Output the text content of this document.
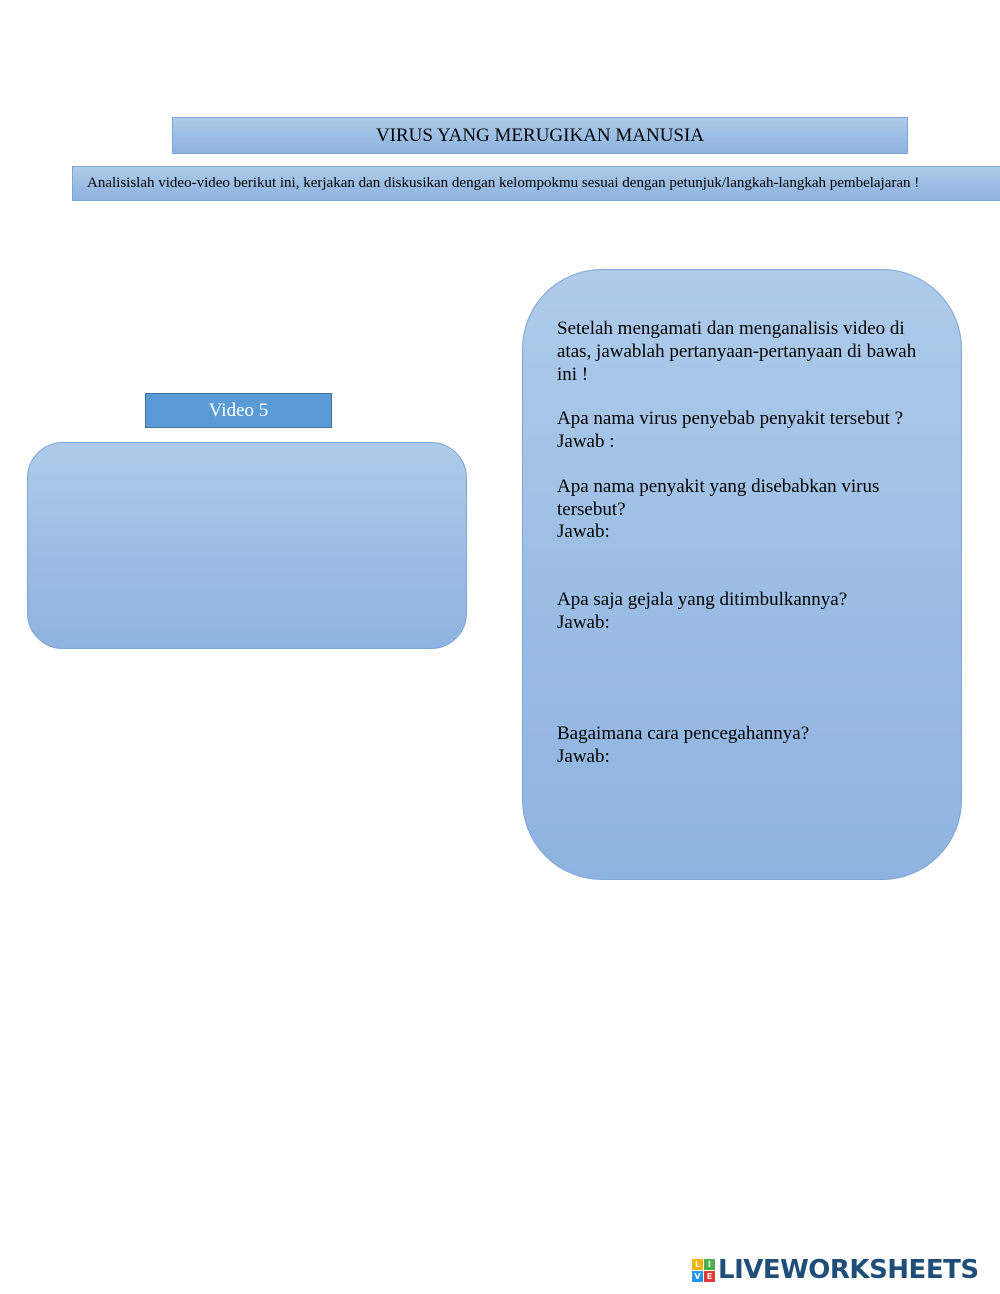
VIRUS YANG MERUGIKAN MANUSIA
Analisislah video-video berikut ini, kerjakan dan diskusikan dengan kelompokmu sesuai dengan petunjuk/langkah-langkah pembelajaran !
Video 5
Setelah mengamati dan menganalisis video di atas, jawablah pertanyaan-pertanyaan di bawah ini !
Apa nama virus penyebab penyakit tersebut ?
Jawab :
Apa nama penyakit yang disebabkan virus tersebut?
Jawab:
Apa saja gejala yang ditimbulkannya?
Jawab:
Bagaimana cara pencegahannya?
Jawab:
L I
V E LIVEWORKSHEETS
